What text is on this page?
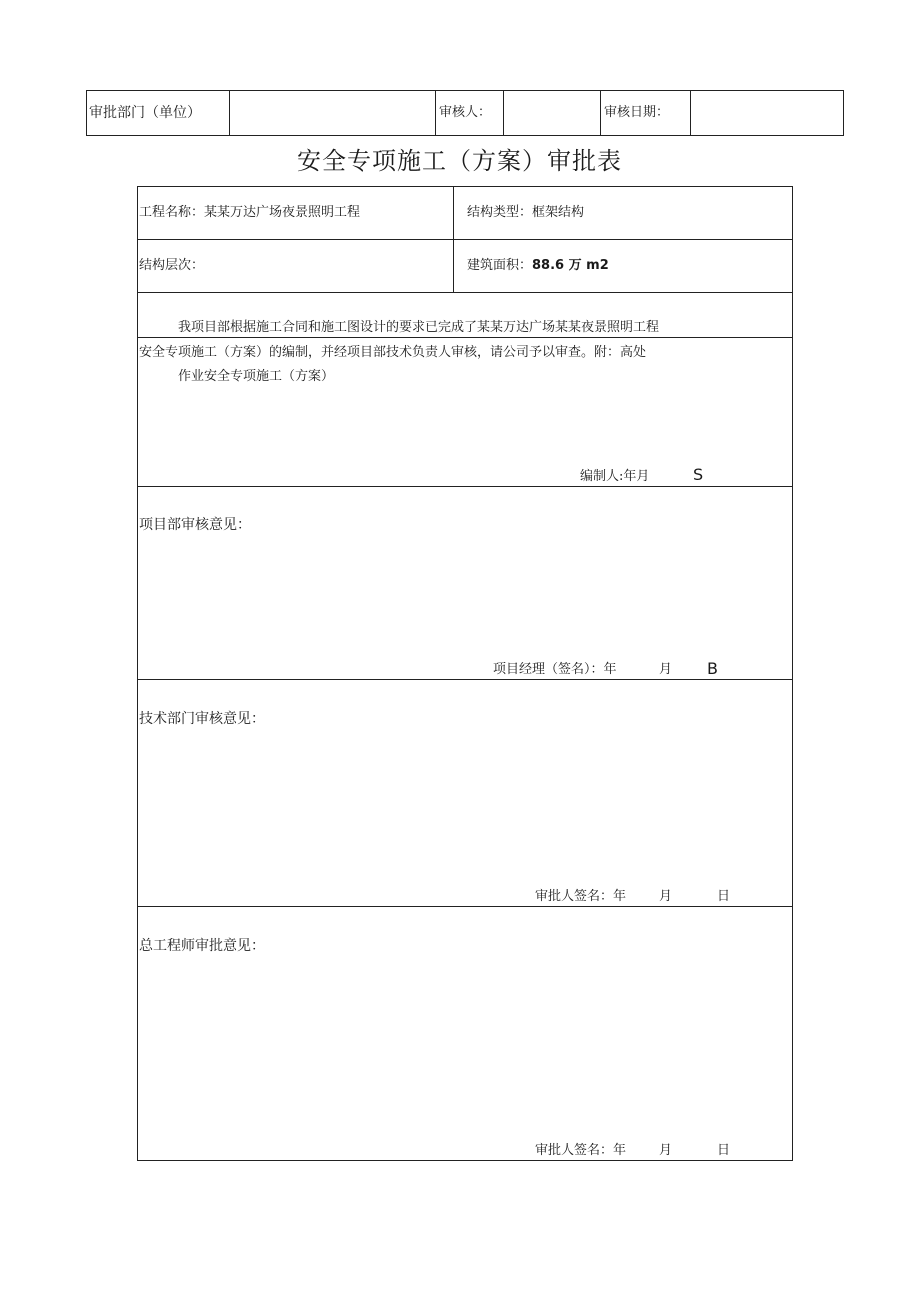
审批部门（单位）	审核人：	审核日期：
安全专项施工（方案）审批表
工程名称：某某万达广场夜景照明工程	结构类型：框架结构
结构层次：	建筑面积：88.6 万 m2
我项目部根据施工合同和施工图设计的要求已完成了某某万达广场某某夜景照明工程
安全专项施工（方案）的编制，并经项目部技术负责人审核，请公司予以审查。附：高处
作业安全专项施工（方案）
编制人:年月	S
项目部审核意见：
项目经理（签名）：年	月 B
技术部门审核意见：
审批人签名：年	月	日
总工程师审批意见：
审批人签名：年	月	日
